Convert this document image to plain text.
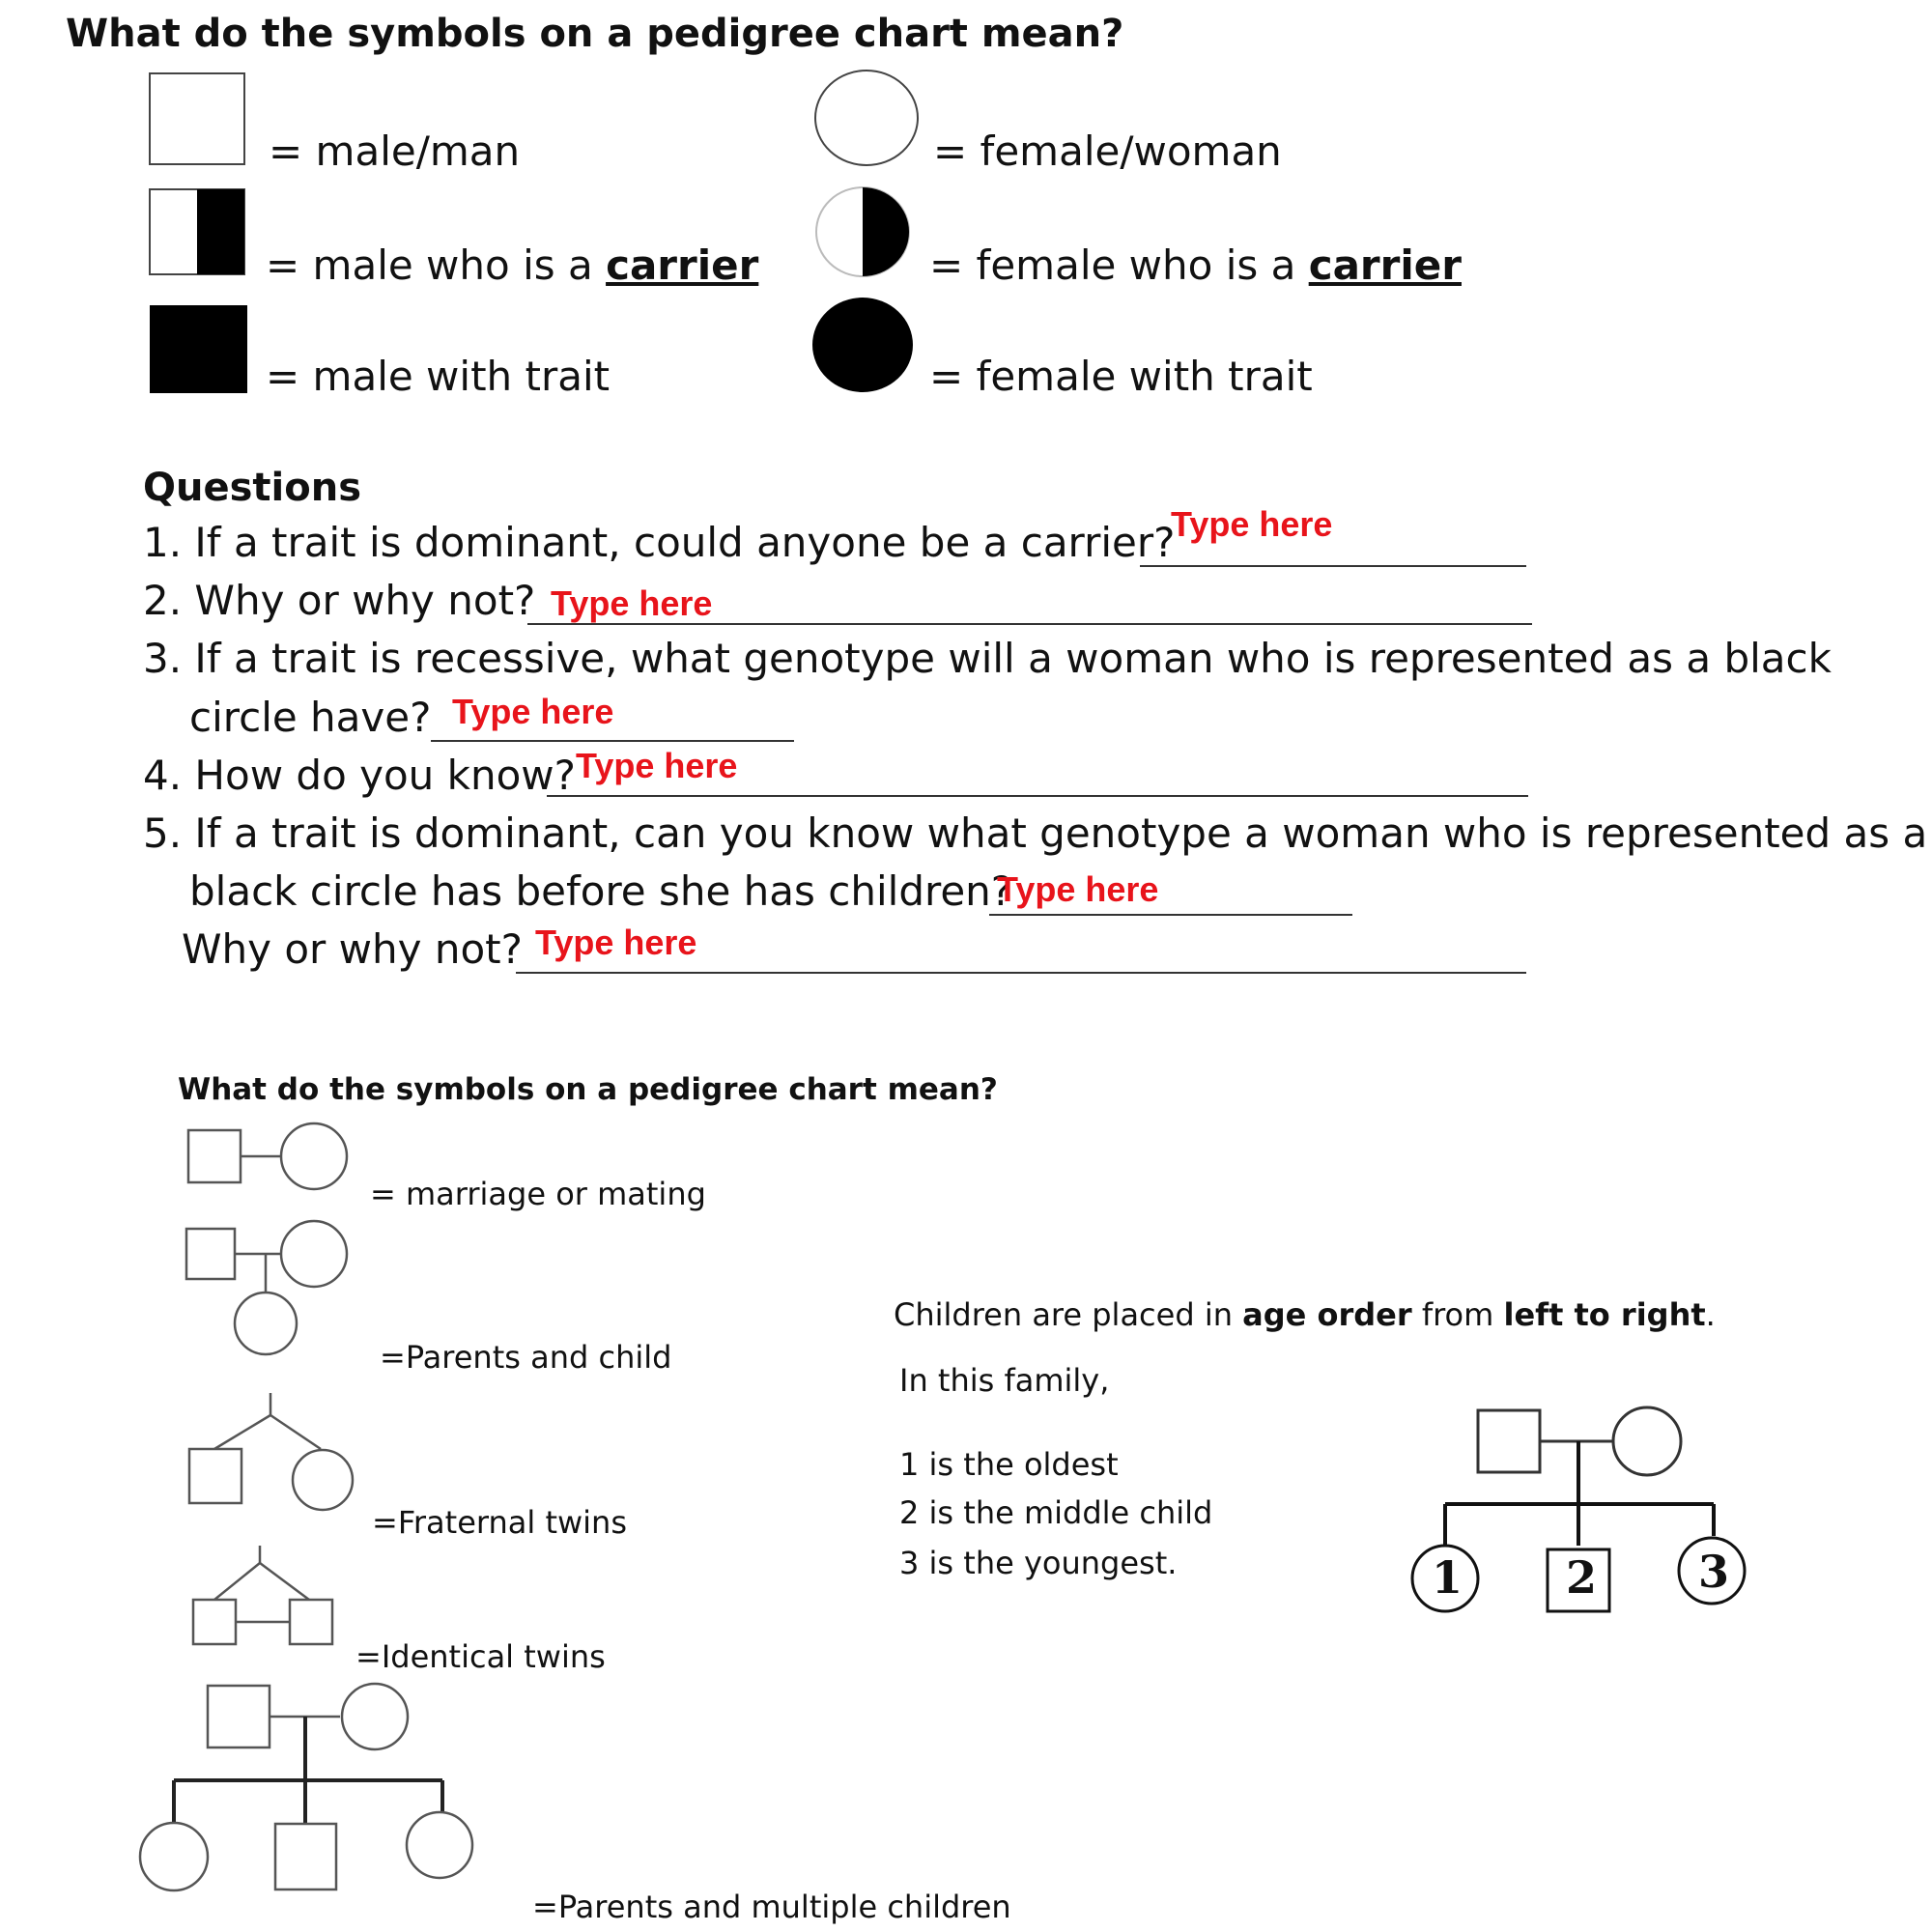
What do the symbols on a pedigree chart mean?
= male/man	= female/woman
= male who is a carrier	= female who is a carrier
= male with trait	= female with trait
Questions
1. If a trait is dominant, could anyone be a carrier?
Type here
2. Why or why not? Type here
3. If a trait is recessive, what genotype will a woman who is represented as a black
circle have? Type here
4. How do you know? Type here
5. If a trait is dominant, can you know what genotype a woman who is represented as a
black circle has before she has children?
Type here
Why or why not? Type here
What do the symbols on a pedigree chart mean?
= marriage or mating
=Parents and child
=Fraternal twins
=Identical twins
=Parents and multiple children
Children are placed in age order from left to right.
In this family,
1 is the oldest
2 is the middle child
3 is the youngest.	1 2 3
